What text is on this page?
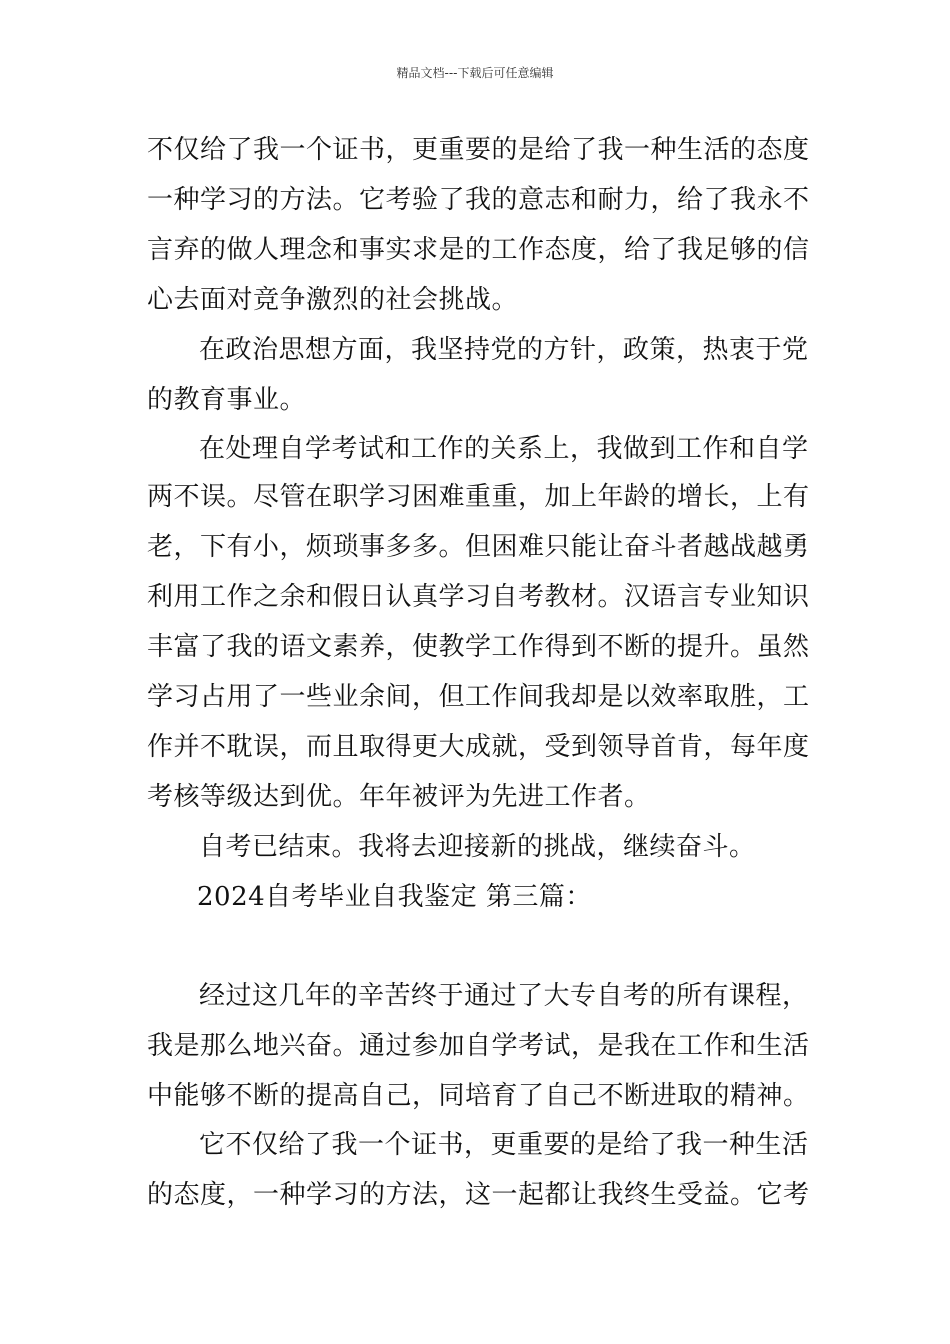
精品文档---下载后可任意编辑
不仅给了我一个证书，更重要的是给了我一种生活的态度
一种学习的方法。它考验了我的意志和耐力，给了我永不
言弃的做人理念和事实求是的工作态度，给了我足够的信
心去面对竞争激烈的社会挑战。
在政治思想方面，我坚持党的方针，政策，热衷于党
的教育事业。
在处理自学考试和工作的关系上，我做到工作和自学
两不误。尽管在职学习困难重重，加上年龄的增长，上有
老，下有小，烦琐事多多。但困难只能让奋斗者越战越勇
利用工作之余和假日认真学习自考教材。汉语言专业知识
丰富了我的语文素养，使教学工作得到不断的提升。虽然
学习占用了一些业余间，但工作间我却是以效率取胜，工
作并不耽误，而且取得更大成就，受到领导首肯，每年度
考核等级达到优。年年被评为先进工作者。
自考已结束。我将去迎接新的挑战，继续奋斗。
2024自考毕业自我鉴定 第三篇：
经过这几年的辛苦终于通过了大专自考的所有课程，
我是那么地兴奋。通过参加自学考试，是我在工作和生活
中能够不断的提高自己，同培育了自己不断进取的精神。
它不仅给了我一个证书，更重要的是给了我一种生活
的态度，一种学习的方法，这一起都让我终生受益。它考
